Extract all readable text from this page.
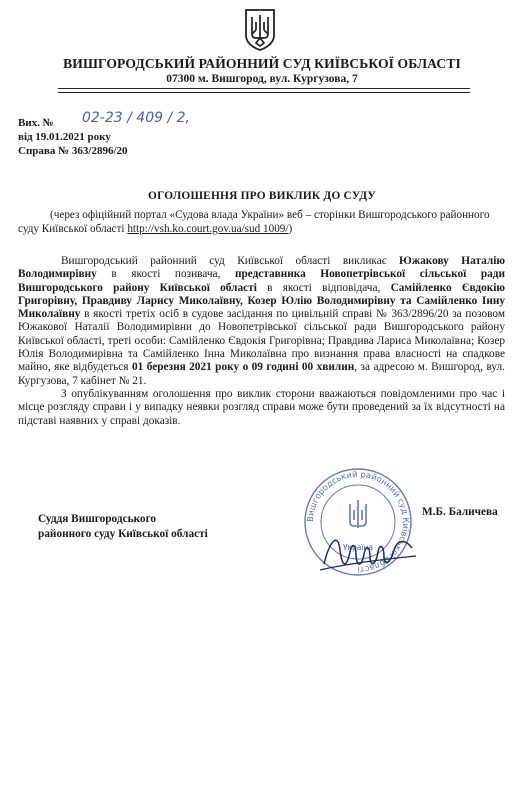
ВИШГОРОДСЬКИЙ РАЙОННИЙ СУД КИЇВСЬКОЇ ОБЛАСТІ
07300 м. Вишгород, вул. Кургузова, 7
Вих. № 02-23 / 409 / 2,
від 19.01.2021 року
Справа № 363/2896/20
ОГОЛОШЕННЯ ПРО ВИКЛИК ДО СУДУ
(через офіційний портал «Судова влада України» веб – сторінки Вишгородського районного суду Київської області http://vsh.ko.court.gov.ua/sud 1009/)

Вишгородський районний суд Київської області викликає Южакову Наталію Володимирівну в якості позивача, представника Новопетрівської сільської ради Вишгородського району Київської області в якості відповідача, Самійленко Євдокію Григорівну, Правдиву Ларису Миколаївну, Козер Юлію Володимирівну та Самійленко Інну Миколаївну в якості третіх осіб в судове засідання по цивільній справі № 363/2896/20 за позовом Южакової Наталії Володимирівни до Новопетрівської сільської ради Вишгородського району Київської області, треті особи: Самійленко Євдокія Григорівна; Правдива Лариса Миколаївна; Козер Юлія Володимирівна та Самійленко Інна Миколаївна про визнання права власності на спадкове майно, яке відбудеться 01 березня 2021 року о 09 годині 00 хвилин, за адресою м. Вишгород, вул. Кургузова, 7 кабінет № 21.

З опублікуванням оголошення про виклик сторони вважаються повідомленими про час і місце розгляду справи і у випадку неявки розгляд справи може бути проведений за їх відсутності на підставі наявних у справі доказів.

Вишгородський районний суд Київської області
Україна
Суддя Вишгородського
районного суду Київської області
М.Б. Баличева
